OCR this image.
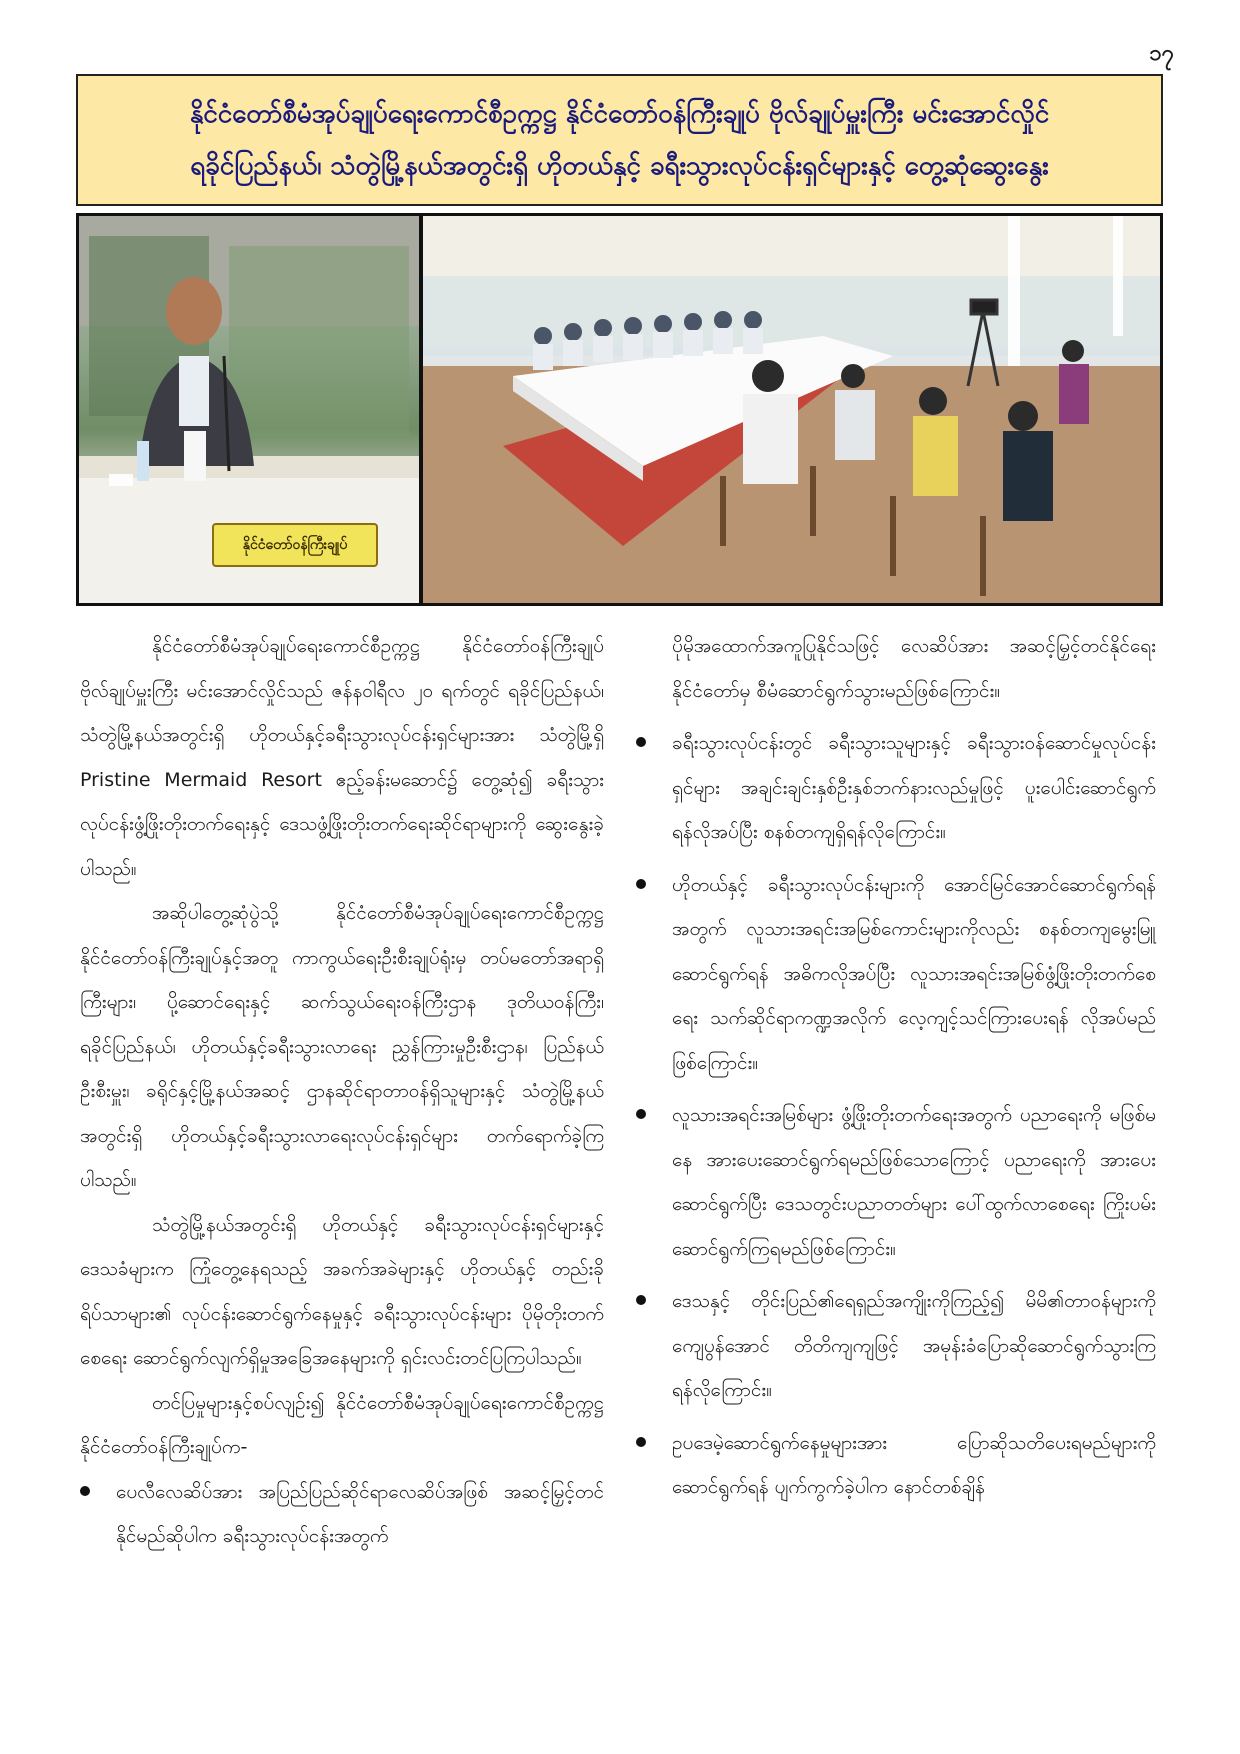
၁၇
နိုင်ငံတော်စီမံအုပ်ချုပ်ရေးကောင်စီဥက္ကဋ္ဌ နိုင်ငံတော်ဝန်ကြီးချုပ် ဗိုလ်ချုပ်မှူးကြီး မင်းအောင်လှိုင်
ရခိုင်ပြည်နယ်၊ သံတွဲမြို့နယ်အတွင်းရှိ ဟိုတယ်နှင့် ခရီးသွားလုပ်ငန်းရှင်များနှင့် တွေ့ဆုံဆွေးနွေး
နိုင်ငံတော်ဝန်ကြီးချုပ်

နိုင်ငံတော်စီမံအုပ်ချုပ်ရေးကောင်စီဥက္ကဋ္ဌ နိုင်ငံတော်ဝန်ကြီးချုပ် ဗိုလ်ချုပ်မှူးကြီး မင်းအောင်လှိုင်သည် ဇန်နဝါရီလ ၂၀ ရက်တွင် ရခိုင်ပြည်နယ်၊ သံတွဲမြို့နယ်အတွင်းရှိ ဟိုတယ်နှင့်ခရီးသွားလုပ်ငန်းရှင်များအား သံတွဲမြို့ရှိ Pristine Mermaid Resort ဧည့်ခန်းမဆောင်၌ တွေ့ဆုံ၍ ခရီးသွားလုပ်ငန်းဖွံ့ဖြိုးတိုးတက်ရေးနှင့် ဒေသဖွံ့ဖြိုးတိုးတက်ရေးဆိုင်ရာများကို ဆွေးနွေးခဲ့ပါသည်။

အဆိုပါတွေ့ဆုံပွဲသို့ နိုင်ငံတော်စီမံအုပ်ချုပ်ရေးကောင်စီဥက္ကဋ္ဌ နိုင်ငံတော်ဝန်ကြီးချုပ်နှင့်အတူ ကာကွယ်ရေးဦးစီးချုပ်ရုံးမှ တပ်မတော်အရာရှိကြီးများ၊ ပို့ဆောင်ရေးနှင့် ဆက်သွယ်ရေးဝန်ကြီးဌာန ဒုတိယဝန်ကြီး၊ ရခိုင်ပြည်နယ်၊ ဟိုတယ်နှင့်ခရီးသွားလာရေး ညွှန်ကြားမှုဦးစီးဌာန၊ ပြည်နယ်ဦးစီးမှူး၊ ခရိုင်နှင့်မြို့နယ်အဆင့် ဌာနဆိုင်ရာတာဝန်ရှိသူများနှင့် သံတွဲမြို့နယ်အတွင်းရှိ ဟိုတယ်နှင့်ခရီးသွားလာရေးလုပ်ငန်းရှင်များ တက်ရောက်ခဲ့ကြပါသည်။

သံတွဲမြို့နယ်အတွင်းရှိ ဟိုတယ်နှင့် ခရီးသွားလုပ်ငန်းရှင်များနှင့် ဒေသခံများက ကြုံတွေ့နေရသည့် အခက်အခဲများနှင့် ဟိုတယ်နှင့် တည်းခိုရိပ်သာများ၏ လုပ်ငန်းဆောင်ရွက်နေမှုနှင့် ခရီးသွားလုပ်ငန်းများ ပိုမိုတိုးတက်စေရေး ဆောင်ရွက်လျက်ရှိမှုအခြေအနေများကို ရှင်းလင်းတင်ပြကြပါသည်။

တင်ပြမှုများနှင့်စပ်လျဉ်း၍ နိုင်ငံတော်စီမံအုပ်ချုပ်ရေးကောင်စီဥက္ကဋ္ဌ နိုင်ငံတော်ဝန်ကြီးချုပ်က-

ပေလီလေဆိပ်အား အပြည်ပြည်ဆိုင်ရာလေဆိပ်အဖြစ် အဆင့်မြှင့်တင်နိုင်မည်ဆိုပါက ခရီးသွားလုပ်ငန်းအတွက်

ပိုမိုအထောက်အကူပြုနိုင်သဖြင့် လေဆိပ်အား အဆင့်မြှင့်တင်နိုင်ရေး နိုင်ငံတော်မှ စီမံဆောင်ရွက်သွားမည်ဖြစ်ကြောင်း။

ခရီးသွားလုပ်ငန်းတွင် ခရီးသွားသူများနှင့် ခရီးသွားဝန်ဆောင်မှုလုပ်ငန်းရှင်များ အချင်းချင်းနှစ်ဦးနှစ်ဘက်နားလည်မှုဖြင့် ပူးပေါင်းဆောင်ရွက်ရန်လိုအပ်ပြီး စနစ်တကျရှိရန်လိုကြောင်း။
ဟိုတယ်နှင့် ခရီးသွားလုပ်ငန်းများကို အောင်မြင်အောင်ဆောင်ရွက်ရန်အတွက် လူသားအရင်းအမြစ်ကောင်းများကိုလည်း စနစ်တကျမွေးမြူဆောင်ရွက်ရန် အဓိကလိုအပ်ပြီး လူသားအရင်းအမြစ်ဖွံ့ဖြိုးတိုးတက်စေရေး သက်ဆိုင်ရာကဏ္ဍအလိုက် လေ့ကျင့်သင်ကြားပေးရန် လိုအပ်မည်ဖြစ်ကြောင်း။
လူသားအရင်းအမြစ်များ ဖွံ့ဖြိုးတိုးတက်ရေးအတွက် ပညာရေးကို မဖြစ်မနေ အားပေးဆောင်ရွက်ရမည်ဖြစ်သောကြောင့် ပညာရေးကို အားပေးဆောင်ရွက်ပြီး ဒေသတွင်းပညာတတ်များ ပေါ်ထွက်လာစေရေး ကြိုးပမ်းဆောင်ရွက်ကြရမည်ဖြစ်ကြောင်း။
ဒေသနှင့် တိုင်းပြည်၏ရေရှည်အကျိုးကိုကြည့်၍ မိမိ၏တာဝန်များကို ကျေပွန်အောင် တိတိကျကျဖြင့် အမုန်းခံပြောဆိုဆောင်ရွက်သွားကြရန်လိုကြောင်း။
ဥပဒေမဲ့ဆောင်ရွက်နေမှုများအား ပြောဆိုသတိပေးရမည်များကို ဆောင်ရွက်ရန် ပျက်ကွက်ခဲ့ပါက နောင်တစ်ချိန်
